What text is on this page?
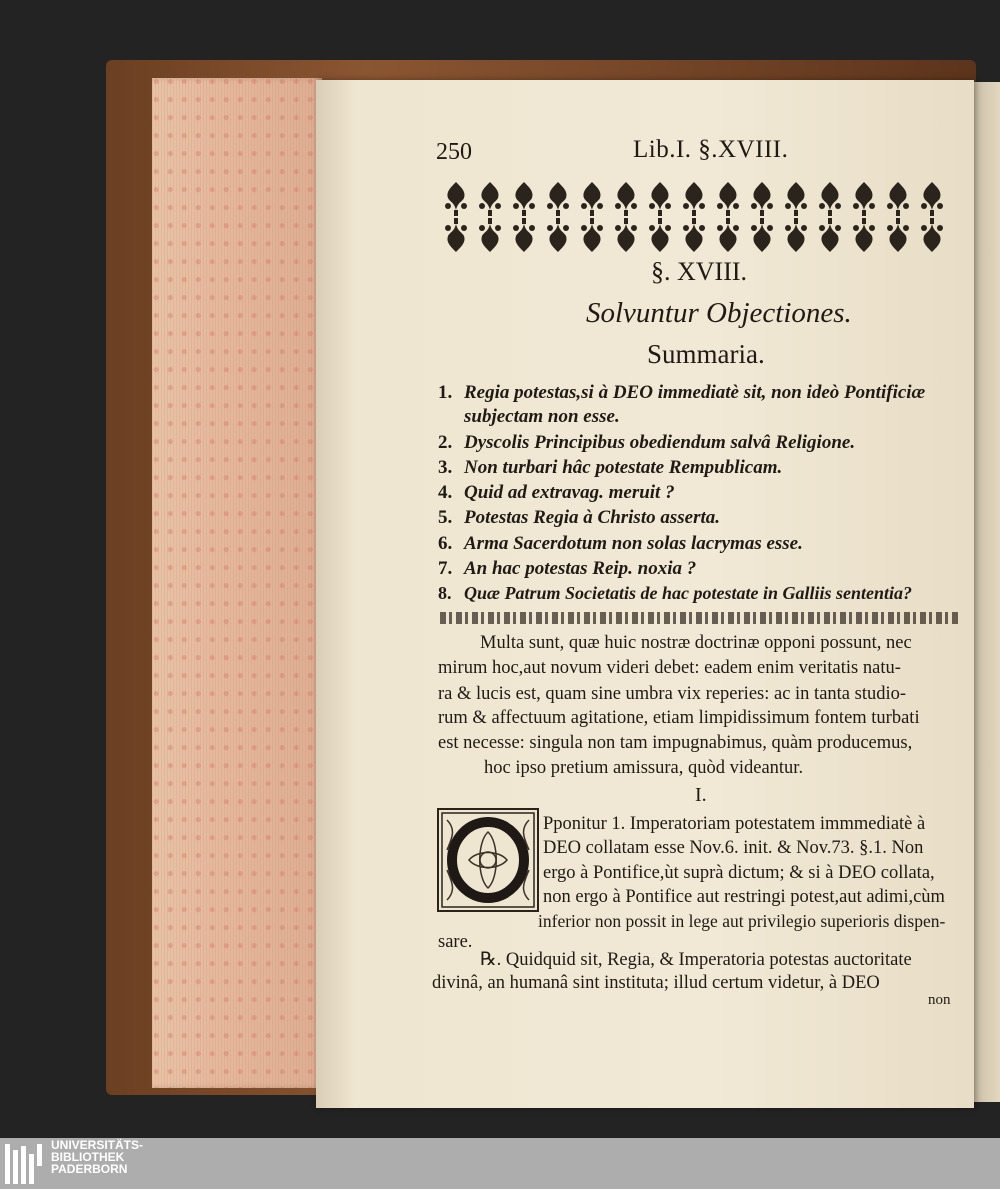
250	Lib.I. §.XVIII.
§. XVIII.
Solvuntur Objectiones.
Summaria.
1. Regia potestas,si à DEO immediatè sit, non ideò Pontificiæ
subjectam non esse.
2. Dyscolis Principibus obediendum salvâ Religione.
3. Non turbari hâc potestate Rempublicam.
4. Quid ad extravag. meruit ?
5. Potestas Regia à Christo asserta.
6. Arma Sacerdotum non solas lacrymas esse.
7. An hac potestas Reip. noxia ?
8. Quæ Patrum Societatis de hac potestate in Galliis sententia?
Multa sunt, quæ huic nostræ doctrinæ opponi possunt, nec
mirum hoc,aut novum videri debet: eadem enim veritatis natu-
ra & lucis est, quam sine umbra vix reperies: ac in tanta studio-
rum & affectuum agitatione, etiam limpidissimum fontem turbati
est necesse: singula non tam impugnabimus, quàm producemus,
hoc ipso pretium amissura, quòd videantur.
I.
Pponitur 1. Imperatoriam potestatem immmediatè à
DEO collatam esse Nov.6. init. & Nov.73. §.1. Non
ergo à Pontifice,ùt suprà dictum; & si à DEO collata,
non ergo à Pontifice aut restringi potest,aut adimi,cùm
inferior non possit in lege aut privilegio superioris dispen-
sare.
℞. Quidquid sit, Regia, & Imperatoria potestas auctoritate
divinâ, an humanâ sint instituta; illud certum videtur, à DEO
non
UNIVERSITÄTS-
BIBLIOTHEK
PADERBORN
